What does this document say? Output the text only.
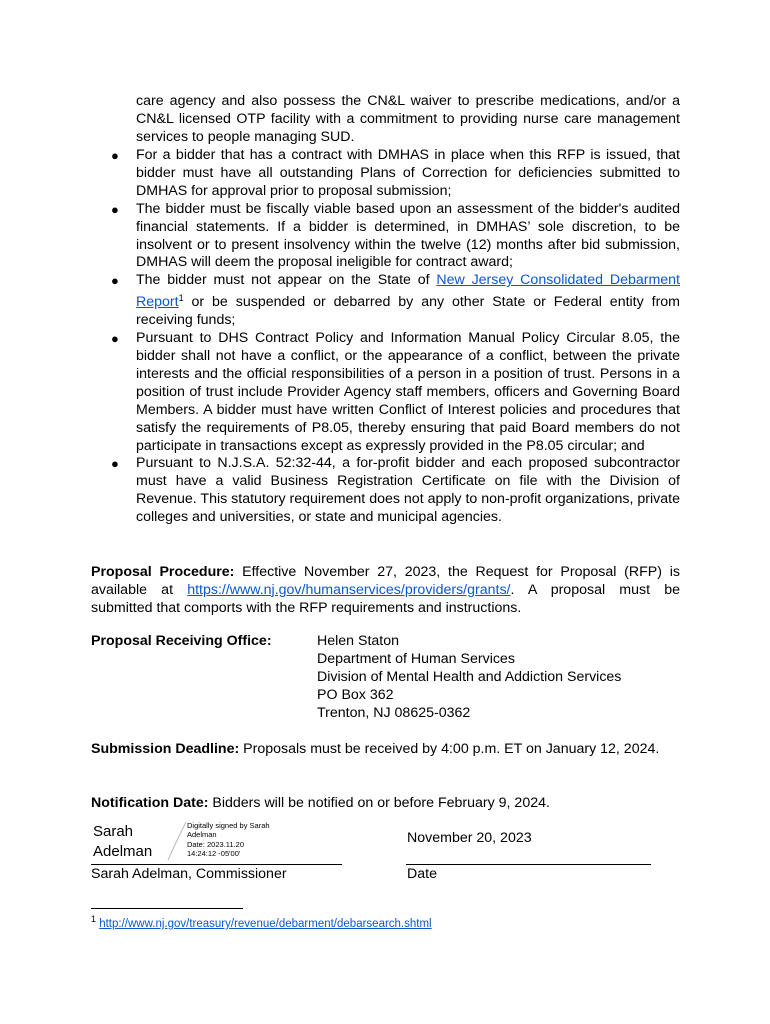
care agency and also possess the CN&L waiver to prescribe medications, and/or a CN&L licensed OTP facility with a commitment to providing nurse care management services to people managing SUD.

● For a bidder that has a contract with DMHAS in place when this RFP is issued, that bidder must have all outstanding Plans of Correction for deficiencies submitted to DMHAS for approval prior to proposal submission;
● The bidder must be fiscally viable based upon an assessment of the bidder's audited financial statements. If a bidder is determined, in DMHAS’ sole discretion, to be insolvent or to present insolvency within the twelve (12) months after bid submission, DMHAS will deem the proposal ineligible for contract award;
● The bidder must not appear on the State of New Jersey Consolidated Debarment Report$^1$ or be suspended or debarred by any other State or Federal entity from receiving funds;
● Pursuant to DHS Contract Policy and Information Manual Policy Circular 8.05, the bidder shall not have a conflict, or the appearance of a conflict, between the private interests and the official responsibilities of a person in a position of trust. Persons in a position of trust include Provider Agency staff members, officers and Governing Board Members. A bidder must have written Conflict of Interest policies and procedures that satisfy the requirements of P8.05, thereby ensuring that paid Board members do not participate in transactions except as expressly provided in the P8.05 circular; and
● Pursuant to N.J.S.A. 52:32-44, a for-profit bidder and each proposed subcontractor must have a valid Business Registration Certificate on file with the Division of Revenue. This statutory requirement does not apply to non-profit organizations, private colleges and universities, or state and municipal agencies.

Proposal Procedure: Effective November 27, 2023, the Request for Proposal (RFP) is available at https://www.nj.gov/humanservices/providers/grants/. A proposal must be submitted that comports with the RFP requirements and instructions.

Proposal Receiving Office:	Helen Staton
Department of Human Services
Division of Mental Health and Addiction Services
PO Box 362
Trenton, NJ 08625-0362

Submission Deadline: Proposals must be received by 4:00 p.m. ET on January 12, 2024.

Notification Date: Bidders will be notified on or before February 9, 2024.

Sarah
Adelman
Digitally signed by Sarah
Adelman
Date: 2023.11.20
14:24:12 -05'00'
November 20, 2023
Sarah Adelman, Commissioner	Date
$^1$ http://www.nj.gov/treasury/revenue/debarment/debarsearch.shtml
